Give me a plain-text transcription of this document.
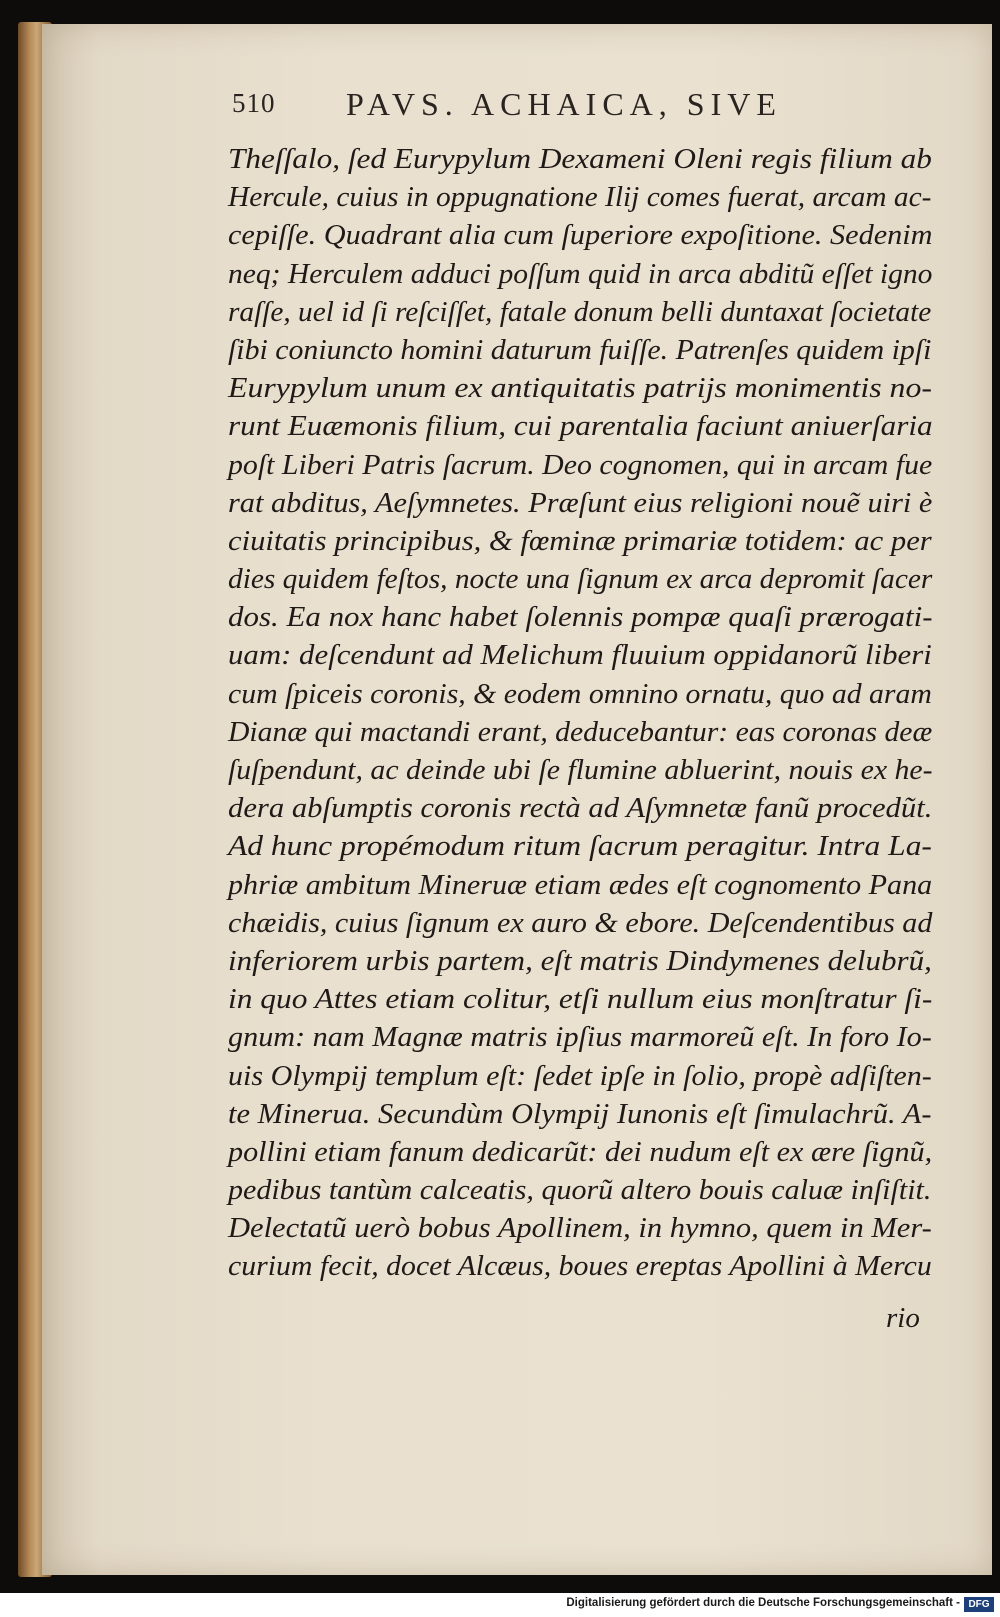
510 PAVS. ACHAICA, SIVE
Theſſalo, ſed Eurypylum Dexameni Oleni regis filium ab
Hercule, cuius in oppugnatione Ilij comes fuerat, arcam ac-
cepiſſe. Quadrant alia cum ſuperiore expoſitione. Sedenim
neq; Herculem adduci poſſum quid in arca abditũ eſſet igno
raſſe, uel id ſi reſciſſet, fatale donum belli duntaxat ſocietate
ſibi coniuncto homini daturum fuiſſe. Patrenſes quidem ipſi
Eurypylum unum ex antiquitatis patrijs monimentis no-
runt Euæmonis filium, cui parentalia faciunt aniuerſaria
poſt Liberi Patris ſacrum. Deo cognomen, qui in arcam fue
rat abditus, Aeſymnetes. Præſunt eius religioni nouẽ uiri è
ciuitatis principibus, & fœminæ primariæ totidem: ac per
dies quidem feſtos, nocte una ſignum ex arca depromit ſacer
dos. Ea nox hanc habet ſolennis pompæ quaſi prærogati-
uam: deſcendunt ad Melichum fluuium oppidanorũ liberi
cum ſpiceis coronis, & eodem omnino ornatu, quo ad aram
Dianæ qui mactandi erant, deducebantur: eas coronas deæ
ſuſpendunt, ac deinde ubi ſe flumine abluerint, nouis ex he-
dera abſumptis coronis rectà ad Aſymnetæ fanũ procedũt.
Ad hunc propémodum ritum ſacrum peragitur. Intra La-
phriæ ambitum Mineruæ etiam ædes eſt cognomento Pana
chæidis, cuius ſignum ex auro & ebore. Deſcendentibus ad
inferiorem urbis partem, eſt matris Dindymenes delubrũ,
in quo Attes etiam colitur, etſi nullum eius monſtratur ſi-
gnum: nam Magnæ matris ipſius marmoreũ eſt. In foro Io-
uis Olympij templum eſt: ſedet ipſe in ſolio, propè adſiſten-
te Minerua. Secundùm Olympij Iunonis eſt ſimulachrũ. A-
pollini etiam fanum dedicarũt: dei nudum eſt ex ære ſignũ,
pedibus tantùm calceatis, quorũ altero bouis caluæ inſiſtit.
Delectatũ uerò bobus Apollinem, in hymno, quem in Mer-
curium fecit, docet Alcæus, boues ereptas Apollini à Mercu
rio
Digitalisierung gefördert durch die Deutsche Forschungsgemeinschaft - DFG
